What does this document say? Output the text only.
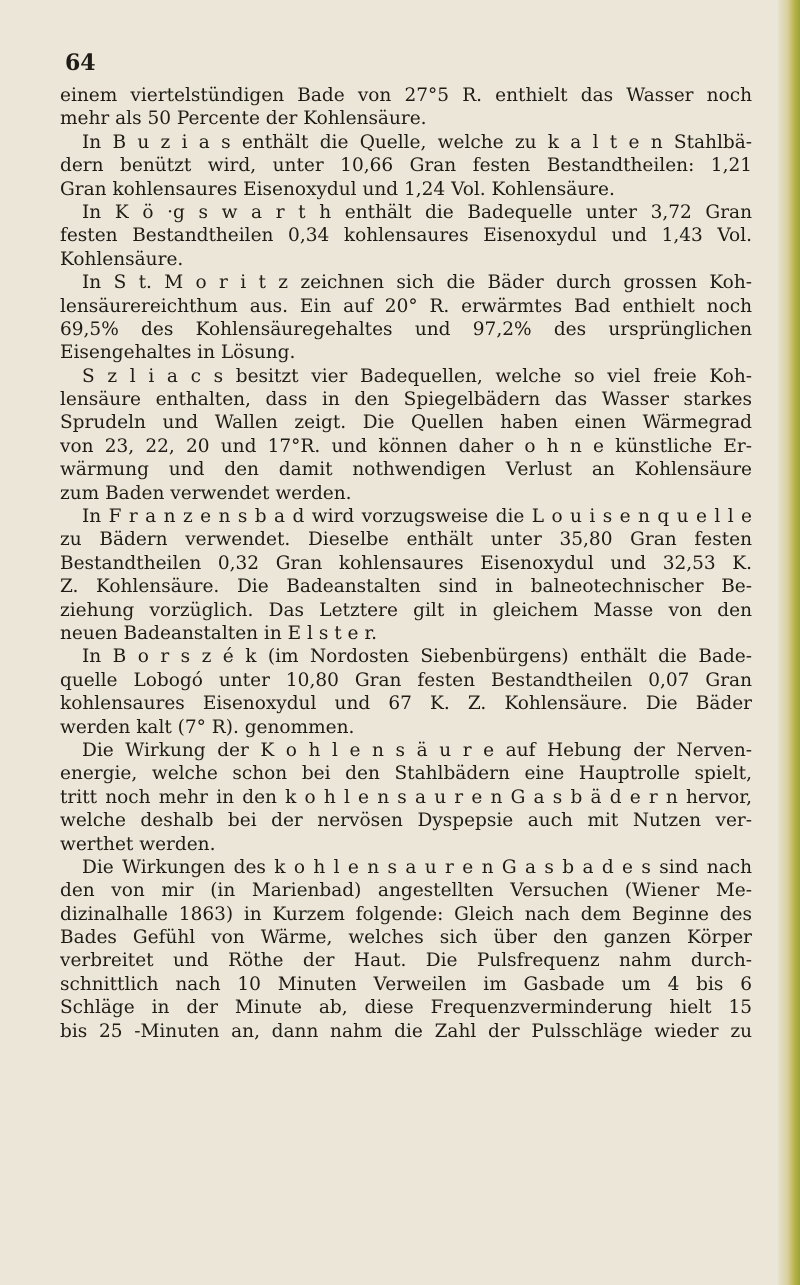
64
einem viertelstündigen Bade von 27°5 R. enthielt das Wasser noch
mehr als 50 Percente der Kohlensäure.
In B u z i a s enthält die Quelle, welche zu k a l t e n Stahlbä-
dern benützt wird, unter 10,66 Gran festen Bestandtheilen: 1,21
Gran kohlensaures Eisenoxydul und 1,24 Vol. Kohlensäure.
In K ö ·g s w a r t h enthält die Badequelle unter 3,72 Gran
festen Bestandtheilen 0,34 kohlensaures Eisenoxydul und 1,43 Vol.
Kohlensäure.
In S t. M o r i t z zeichnen sich die Bäder durch grossen Koh-
lensäurereichthum aus. Ein auf 20° R. erwärmtes Bad enthielt noch
69,5% des Kohlensäuregehaltes und 97,2% des ursprünglichen
Eisengehaltes in Lösung.
S z l i a c s besitzt vier Badequellen, welche so viel freie Koh-
lensäure enthalten, dass in den Spiegelbädern das Wasser starkes
Sprudeln und Wallen zeigt. Die Quellen haben einen Wärmegrad
von 23, 22, 20 und 17°R. und können daher o h n e künstliche Er-
wärmung und den damit nothwendigen Verlust an Kohlensäure
zum Baden verwendet werden.
In F r a n z e n s b a d wird vorzugsweise die L o u i s e n q u e l l e
zu Bädern verwendet. Dieselbe enthält unter 35,80 Gran festen
Bestandtheilen 0,32 Gran kohlensaures Eisenoxydul und 32,53 K.
Z. Kohlensäure. Die Badeanstalten sind in balneotechnischer Be-
ziehung vorzüglich. Das Letztere gilt in gleichem Masse von den
neuen Badeanstalten in E l s t e r.
In B o r s z é k (im Nordosten Siebenbürgens) enthält die Bade-
quelle Lobogó unter 10,80 Gran festen Bestandtheilen 0,07 Gran
kohlensaures Eisenoxydul und 67 K. Z. Kohlensäure. Die Bäder
werden kalt (7° R). genommen.
Die Wirkung der K o h l e n s ä u r e auf Hebung der Nerven-
energie, welche schon bei den Stahlbädern eine Hauptrolle spielt,
tritt noch mehr in den k o h l e n s a u r e n G a s b ä d e r n hervor,
welche deshalb bei der nervösen Dyspepsie auch mit Nutzen ver-
werthet werden.
Die Wirkungen des k o h l e n s a u r e n G a s b a d e s sind nach
den von mir (in Marienbad) angestellten Versuchen (Wiener Me-
dizinalhalle 1863) in Kurzem folgende: Gleich nach dem Beginne des
Bades Gefühl von Wärme, welches sich über den ganzen Körper
verbreitet und Röthe der Haut. Die Pulsfrequenz nahm durch-
schnittlich nach 10 Minuten Verweilen im Gasbade um 4 bis 6
Schläge in der Minute ab, diese Frequenzverminderung hielt 15
bis 25 -Minuten an, dann nahm die Zahl der Pulsschläge wieder zu
